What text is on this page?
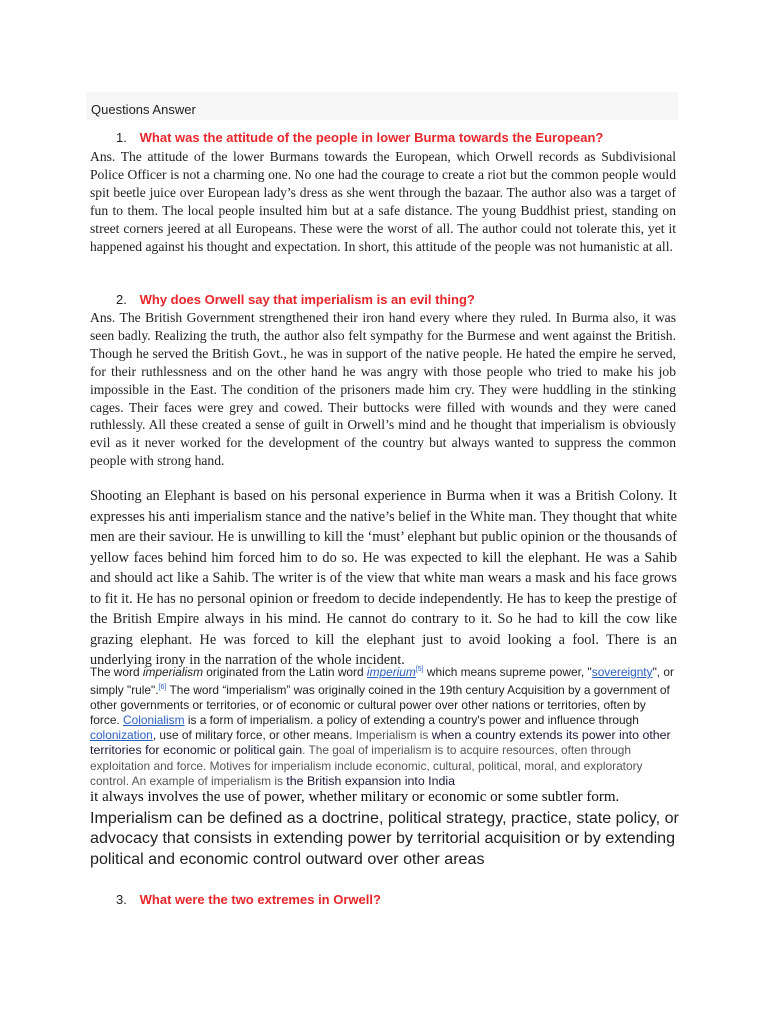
Questions Answer
1. What was the attitude of the people in lower Burma towards the European?
Ans. The attitude of the lower Burmans towards the European, which Orwell records as Subdivisional Police Officer is not a charming one. No one had the courage to create a riot but the common people would spit beetle juice over European lady’s dress as she went through the bazaar. The author also was a target of fun to them. The local people insulted him but at a safe distance. The young Buddhist priest, standing on street corners jeered at all Europeans. These were the worst of all. The author could not tolerate this, yet it happened against his thought and expectation. In short, this attitude of the people was not humanistic at all.
2. Why does Orwell say that imperialism is an evil thing?
Ans. The British Government strengthened their iron hand every where they ruled. In Burma also, it was seen badly. Realizing the truth, the author also felt sympathy for the Burmese and went against the British. Though he served the British Govt., he was in support of the native people. He hated the empire he served, for their ruthlessness and on the other hand he was angry with those people who tried to make his job impossible in the East. The condition of the prisoners made him cry. They were huddling in the stinking cages. Their faces were grey and cowed. Their buttocks were filled with wounds and they were caned ruthlessly. All these created a sense of guilt in Orwell’s mind and he thought that imperialism is obviously evil as it never worked for the development of the country but always wanted to suppress the common people with strong hand.
Shooting an Elephant is based on his personal experience in Burma when it was a British Colony. It expresses his anti imperialism stance and the native’s belief in the White man. They thought that white men are their saviour. He is unwilling to kill the ‘must’ elephant but public opinion or the thousands of yellow faces behind him forced him to do so. He was expected to kill the elephant. He was a Sahib and should act like a Sahib. The writer is of the view that white man wears a mask and his face grows to fit it. He has no personal opinion or freedom to decide independently. He has to keep the prestige of the British Empire always in his mind. He cannot do contrary to it. So he had to kill the cow like grazing elephant. He was forced to kill the elephant just to avoid looking a fool. There is an underlying irony in the narration of the whole incident.
The word imperialism originated from the Latin word imperium[5] which means supreme power, "sovereignty", or simply "rule".[6] The word “imperialism” was originally coined in the 19th century Acquisition by a government of other governments or territories, or of economic or cultural power over other nations or territories, often by force. Colonialism is a form of imperialism. a policy of extending a country's power and influence through colonization, use of military force, or other means. Imperialism is when a country extends its power into other territories for economic or political gain. The goal of imperialism is to acquire resources, often through exploitation and force. Motives for imperialism include economic, cultural, political, moral, and exploratory control. An example of imperialism is the British expansion into India
it always involves the use of power, whether military or economic or some subtler form.
Imperialism can be defined as a doctrine, political strategy, practice, state policy, or advocacy that consists in extending power by territorial acquisition or by extending political and economic control outward over other areas
3. What were the two extremes in Orwell?
